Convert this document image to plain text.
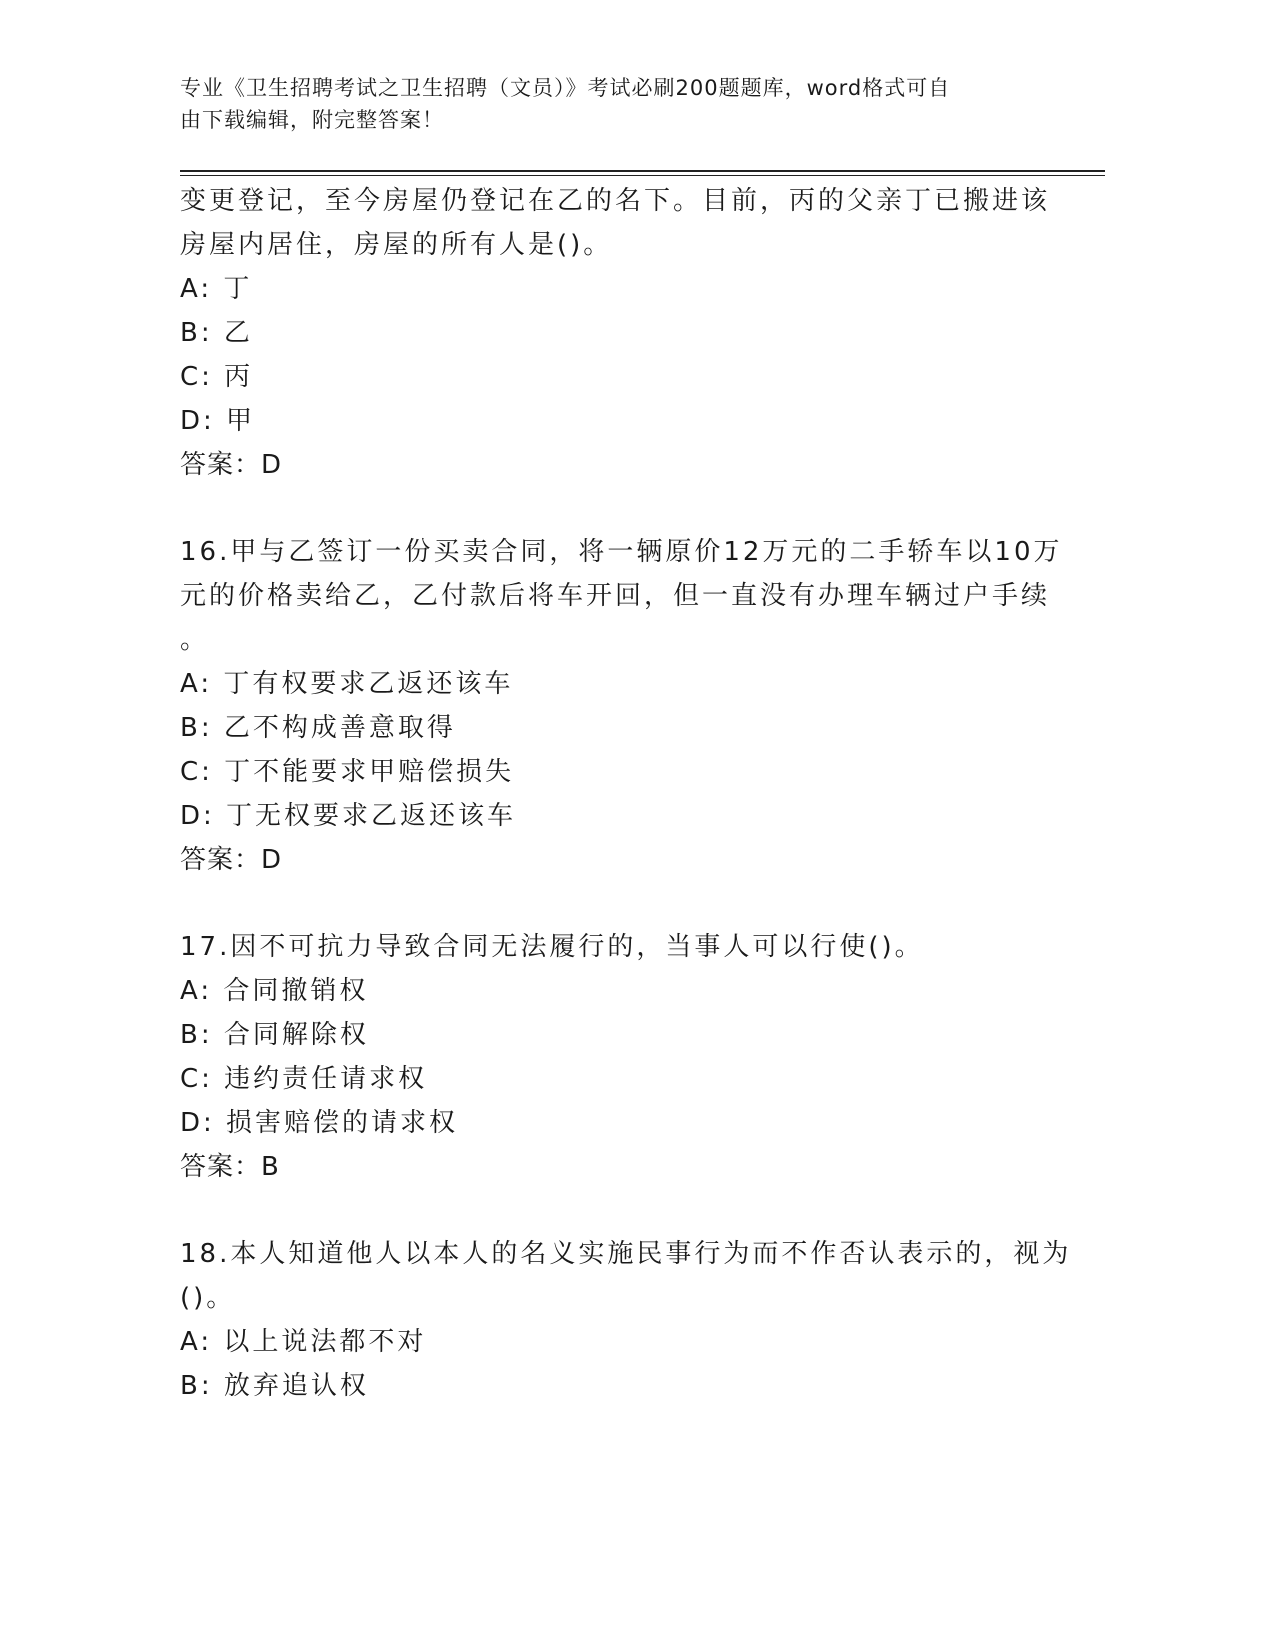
专业《卫生招聘考试之卫生招聘（文员）》考试必刷200题题库，word格式可自
由下载编辑，附完整答案！
变更登记，至今房屋仍登记在乙的名下。目前，丙的父亲丁已搬进该
房屋内居住，房屋的所有人是()。
A: 丁
B: 乙
C: 丙
D: 甲
答案：D
16.甲与乙签订一份买卖合同，将一辆原价12万元的二手轿车以10万
元的价格卖给乙，乙付款后将车开回，但一直没有办理车辆过户手续
。
A: 丁有权要求乙返还该车
B: 乙不构成善意取得
C: 丁不能要求甲赔偿损失
D: 丁无权要求乙返还该车
答案：D
17.因不可抗力导致合同无法履行的，当事人可以行使()。
A: 合同撤销权
B: 合同解除权
C: 违约责任请求权
D: 损害赔偿的请求权
答案：B
18.本人知道他人以本人的名义实施民事行为而不作否认表示的，视为
()。
A: 以上说法都不对
B: 放弃追认权
